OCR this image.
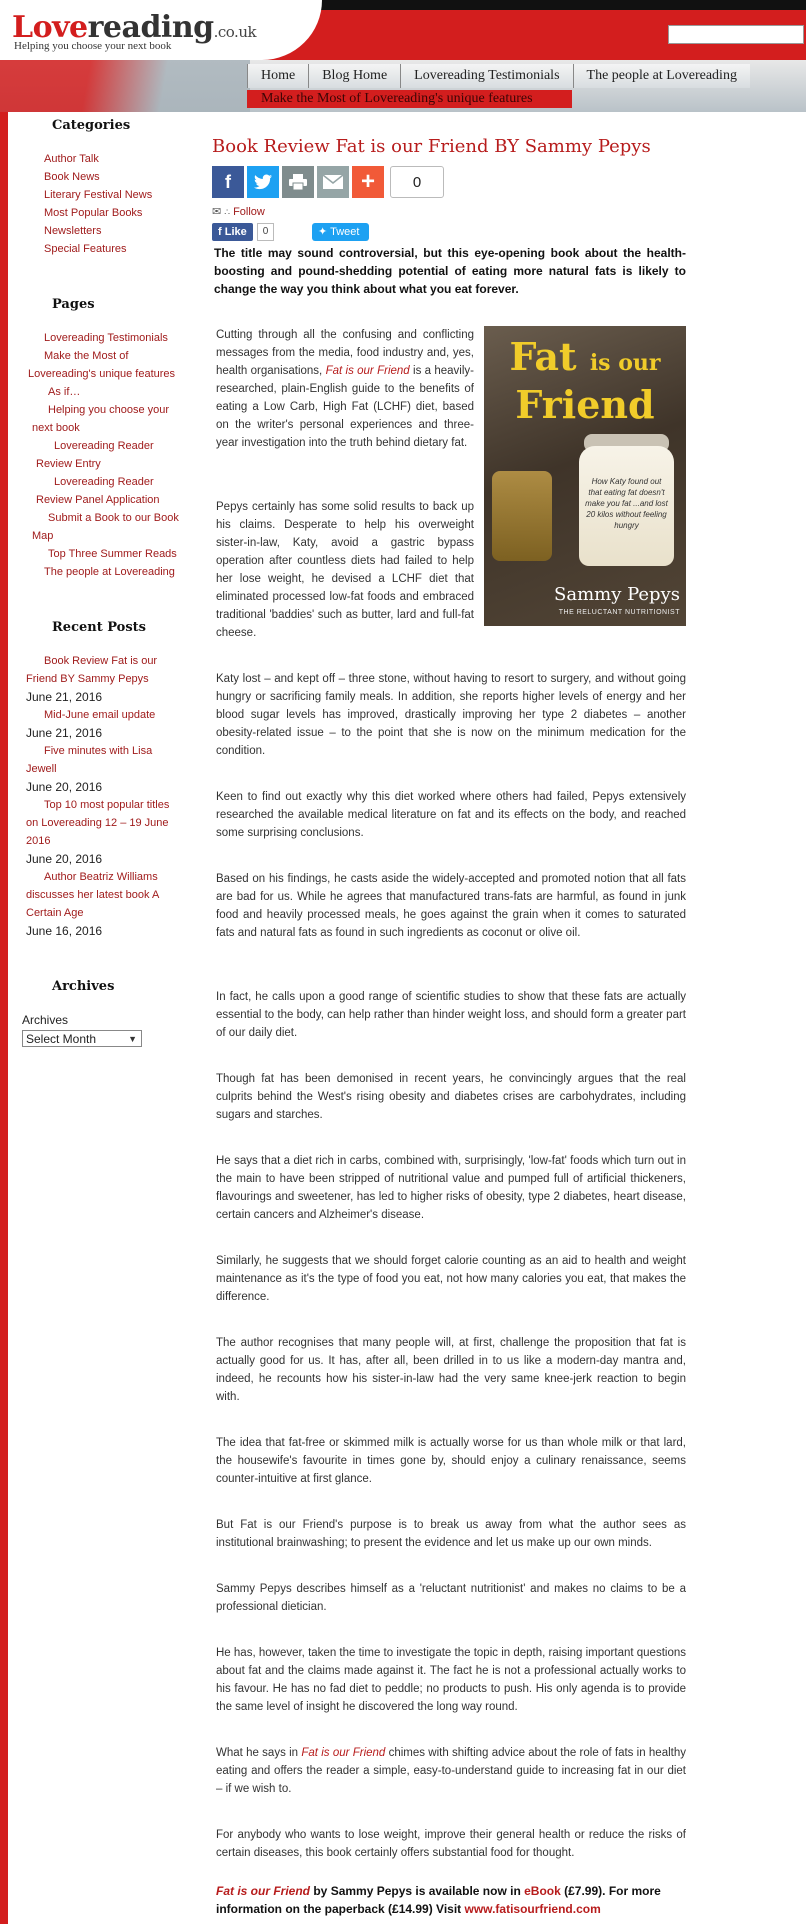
Lovereading.co.uk
Helping you choose your next book
Home	Blog Home	Lovereading Testimonials	The people at Lovereading
Make the Most of Lovereading's unique features
Categories
Author Talk
Book News
Literary Festival News
Most Popular Books
Newsletters
Special Features
Pages
Lovereading Testimonials
Make the Most of
Lovereading's unique features
As if…
Helping you choose your
next book
Lovereading Reader
Review Entry
Lovereading Reader
Review Panel Application
Submit a Book to our Book
Map
Top Three Summer Reads
The people at Lovereading
Recent Posts
Book Review Fat is our
Friend BY Sammy Pepys
June 21, 2016
Mid-June email update
June 21, 2016
Five minutes with Lisa
Jewell
June 20, 2016
Top 10 most popular titles
on Lovereading 12 – 19 June
2016
June 20, 2016
Author Beatriz Williams
discusses her latest book A
Certain Age
June 16, 2016
Archives
Archives
Select Month	▼
Book Review Fat is our Friend BY Sammy Pepys
f	+	0
✉ ∴ Follow
f Like	0	✦ Tweet
The title may sound controversial, but this eye-opening book about the health-boosting and pound-shedding potential of eating more natural fats is likely to change the way you think about what you eat forever.
Fat is our
Friend
How Katy found out that eating fat doesn't make you fat ...and lost 20 kilos without feeling hungry
Sammy Pepys
THE RELUCTANT NUTRITIONIST
Cutting through all the confusing and conflicting messages from the media, food industry and, yes, health organisations, Fat is our Friend is a heavily-researched, plain-English guide to the benefits of eating a Low Carb, High Fat (LCHF) diet, based on the writer's personal experiences and three-year investigation into the truth behind dietary fat.
Pepys certainly has some solid results to back up his claims. Desperate to help his overweight sister-in-law, Katy, avoid a gastric bypass operation after countless diets had failed to help her lose weight, he devised a LCHF diet that eliminated processed low-fat foods and embraced traditional 'baddies' such as butter, lard and full-fat cheese.
Katy lost – and kept off – three stone, without having to resort to surgery, and without going hungry or sacrificing family meals. In addition, she reports higher levels of energy and her blood sugar levels has improved, drastically improving her type 2 diabetes – another obesity-related issue – to the point that she is now on the minimum medication for the condition.
Keen to find out exactly why this diet worked where others had failed, Pepys extensively researched the available medical literature on fat and its effects on the body, and reached some surprising conclusions.
Based on his findings, he casts aside the widely-accepted and promoted notion that all fats are bad for us. While he agrees that manufactured trans-fats are harmful, as found in junk food and heavily processed meals, he goes against the grain when it comes to saturated fats and natural fats as found in such ingredients as coconut or olive oil.
In fact, he calls upon a good range of scientific studies to show that these fats are actually essential to the body, can help rather than hinder weight loss, and should form a greater part of our daily diet.
Though fat has been demonised in recent years, he convincingly argues that the real culprits behind the West's rising obesity and diabetes crises are carbohydrates, including sugars and starches.
He says that a diet rich in carbs, combined with, surprisingly, 'low-fat' foods which turn out in the main to have been stripped of nutritional value and pumped full of artificial thickeners, flavourings and sweetener, has led to higher risks of obesity, type 2 diabetes, heart disease, certain cancers and Alzheimer's disease.
Similarly, he suggests that we should forget calorie counting as an aid to health and weight maintenance as it's the type of food you eat, not how many calories you eat, that makes the difference.
The author recognises that many people will, at first, challenge the proposition that fat is actually good for us. It has, after all, been drilled in to us like a modern-day mantra and, indeed, he recounts how his sister-in-law had the very same knee-jerk reaction to begin with.
The idea that fat-free or skimmed milk is actually worse for us than whole milk or that lard, the housewife's favourite in times gone by, should enjoy a culinary renaissance, seems counter-intuitive at first glance.
But Fat is our Friend's purpose is to break us away from what the author sees as institutional brainwashing; to present the evidence and let us make up our own minds.
Sammy Pepys describes himself as a 'reluctant nutritionist' and makes no claims to be a professional dietician.
He has, however, taken the time to investigate the topic in depth, raising important questions about fat and the claims made against it. The fact he is not a professional actually works to his favour. He has no fad diet to peddle; no products to push. His only agenda is to provide the same level of insight he discovered the long way round.
What he says in Fat is our Friend chimes with shifting advice about the role of fats in healthy eating and offers the reader a simple, easy-to-understand guide to increasing fat in our diet – if we wish to.
For anybody who wants to lose weight, improve their general health or reduce the risks of certain diseases, this book certainly offers substantial food for thought.
Fat is our Friend by Sammy Pepys is available now in eBook (£7.99). For more information on the paperback (£14.99) Visit www.fatisourfriend.com
